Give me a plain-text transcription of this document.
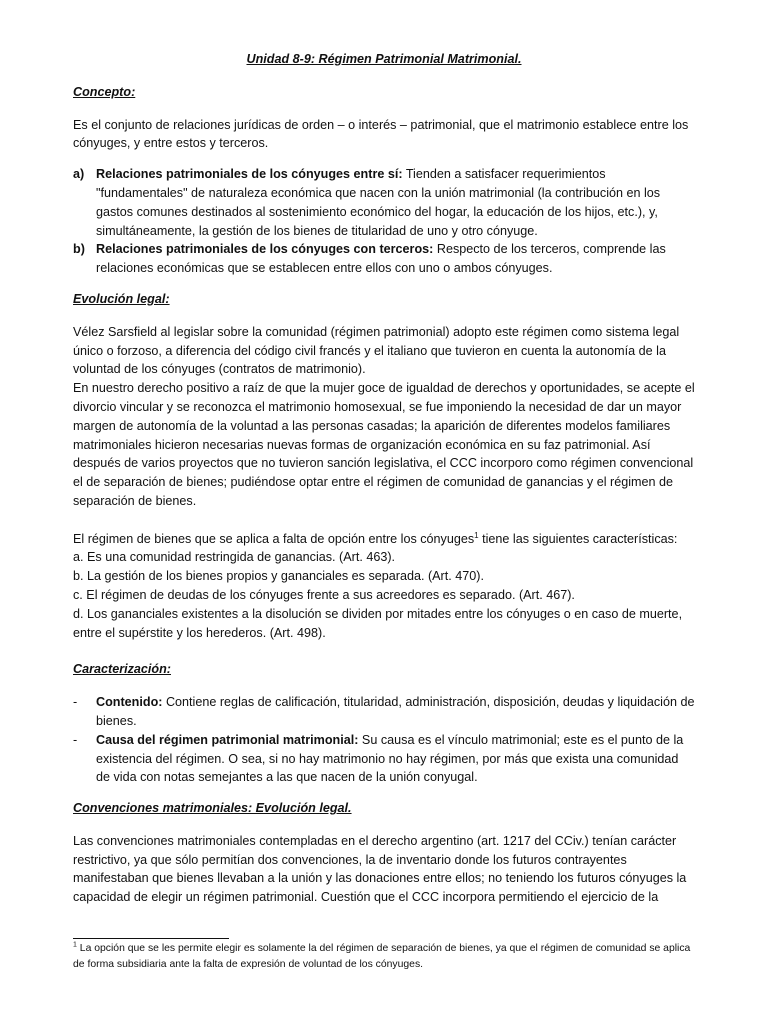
Unidad 8-9: Régimen Patrimonial Matrimonial.

Concepto:

Es el conjunto de relaciones jurídicas de orden – o interés – patrimonial, que el matrimonio establece entre los cónyuges, y entre estos y terceros.

a) Relaciones patrimoniales de los cónyuges entre sí: Tienden a satisfacer requerimientos "fundamentales" de naturaleza económica que nacen con la unión matrimonial (la contribución en los gastos comunes destinados al sostenimiento económico del hogar, la educación de los hijos, etc.), y, simultáneamente, la gestión de los bienes de titularidad de uno y otro cónyuge.
b) Relaciones patrimoniales de los cónyuges con terceros: Respecto de los terceros, comprende las relaciones económicas que se establecen entre ellos con uno o ambos cónyuges.

Evolución legal:

Vélez Sarsfield al legislar sobre la comunidad (régimen patrimonial) adopto este régimen como sistema legal único o forzoso, a diferencia del código civil francés y el italiano que tuvieron en cuenta la autonomía de la voluntad de los cónyuges (contratos de matrimonio).

En nuestro derecho positivo a raíz de que la mujer goce de igualdad de derechos y oportunidades, se acepte el divorcio vincular y se reconozca el matrimonio homosexual, se fue imponiendo la necesidad de dar un mayor margen de autonomía de la voluntad a las personas casadas; la aparición de diferentes modelos familiares matrimoniales hicieron necesarias nuevas formas de organización económica en su faz patrimonial. Así después de varios proyectos que no tuvieron sanción legislativa, el CCC incorporo como régimen convencional el de separación de bienes; pudiéndose optar entre el régimen de comunidad de ganancias y el régimen de separación de bienes.

El régimen de bienes que se aplica a falta de opción entre los cónyuges$^1$ tiene las siguientes características:

a. Es una comunidad restringida de ganancias. (Art. 463).

b. La gestión de los bienes propios y gananciales es separada. (Art. 470).

c. El régimen de deudas de los cónyuges frente a sus acreedores es separado. (Art. 467).

d. Los gananciales existentes a la disolución se dividen por mitades entre los cónyuges o en caso de muerte, entre el supérstite y los herederos. (Art. 498).

Caracterización:

- Contenido: Contiene reglas de calificación, titularidad, administración, disposición, deudas y liquidación de bienes.
- Causa del régimen patrimonial matrimonial: Su causa es el vínculo matrimonial; este es el punto de la existencia del régimen. O sea, si no hay matrimonio no hay régimen, por más que exista una comunidad de vida con notas semejantes a las que nacen de la unión conyugal.

Convenciones matrimoniales: Evolución legal.

Las convenciones matrimoniales contempladas en el derecho argentino (art. 1217 del CCiv.) tenían carácter restrictivo, ya que sólo permitían dos convenciones, la de inventario donde los futuros contrayentes manifestaban que bienes llevaban a la unión y las donaciones entre ellos; no teniendo los futuros cónyuges la capacidad de elegir un régimen patrimonial. Cuestión que el CCC incorpora permitiendo el ejercicio de la

$^1$ La opción que se les permite elegir es solamente la del régimen de separación de bienes, ya que el régimen de comunidad se aplica de forma subsidiaria ante la falta de expresión de voluntad de los cónyuges.
